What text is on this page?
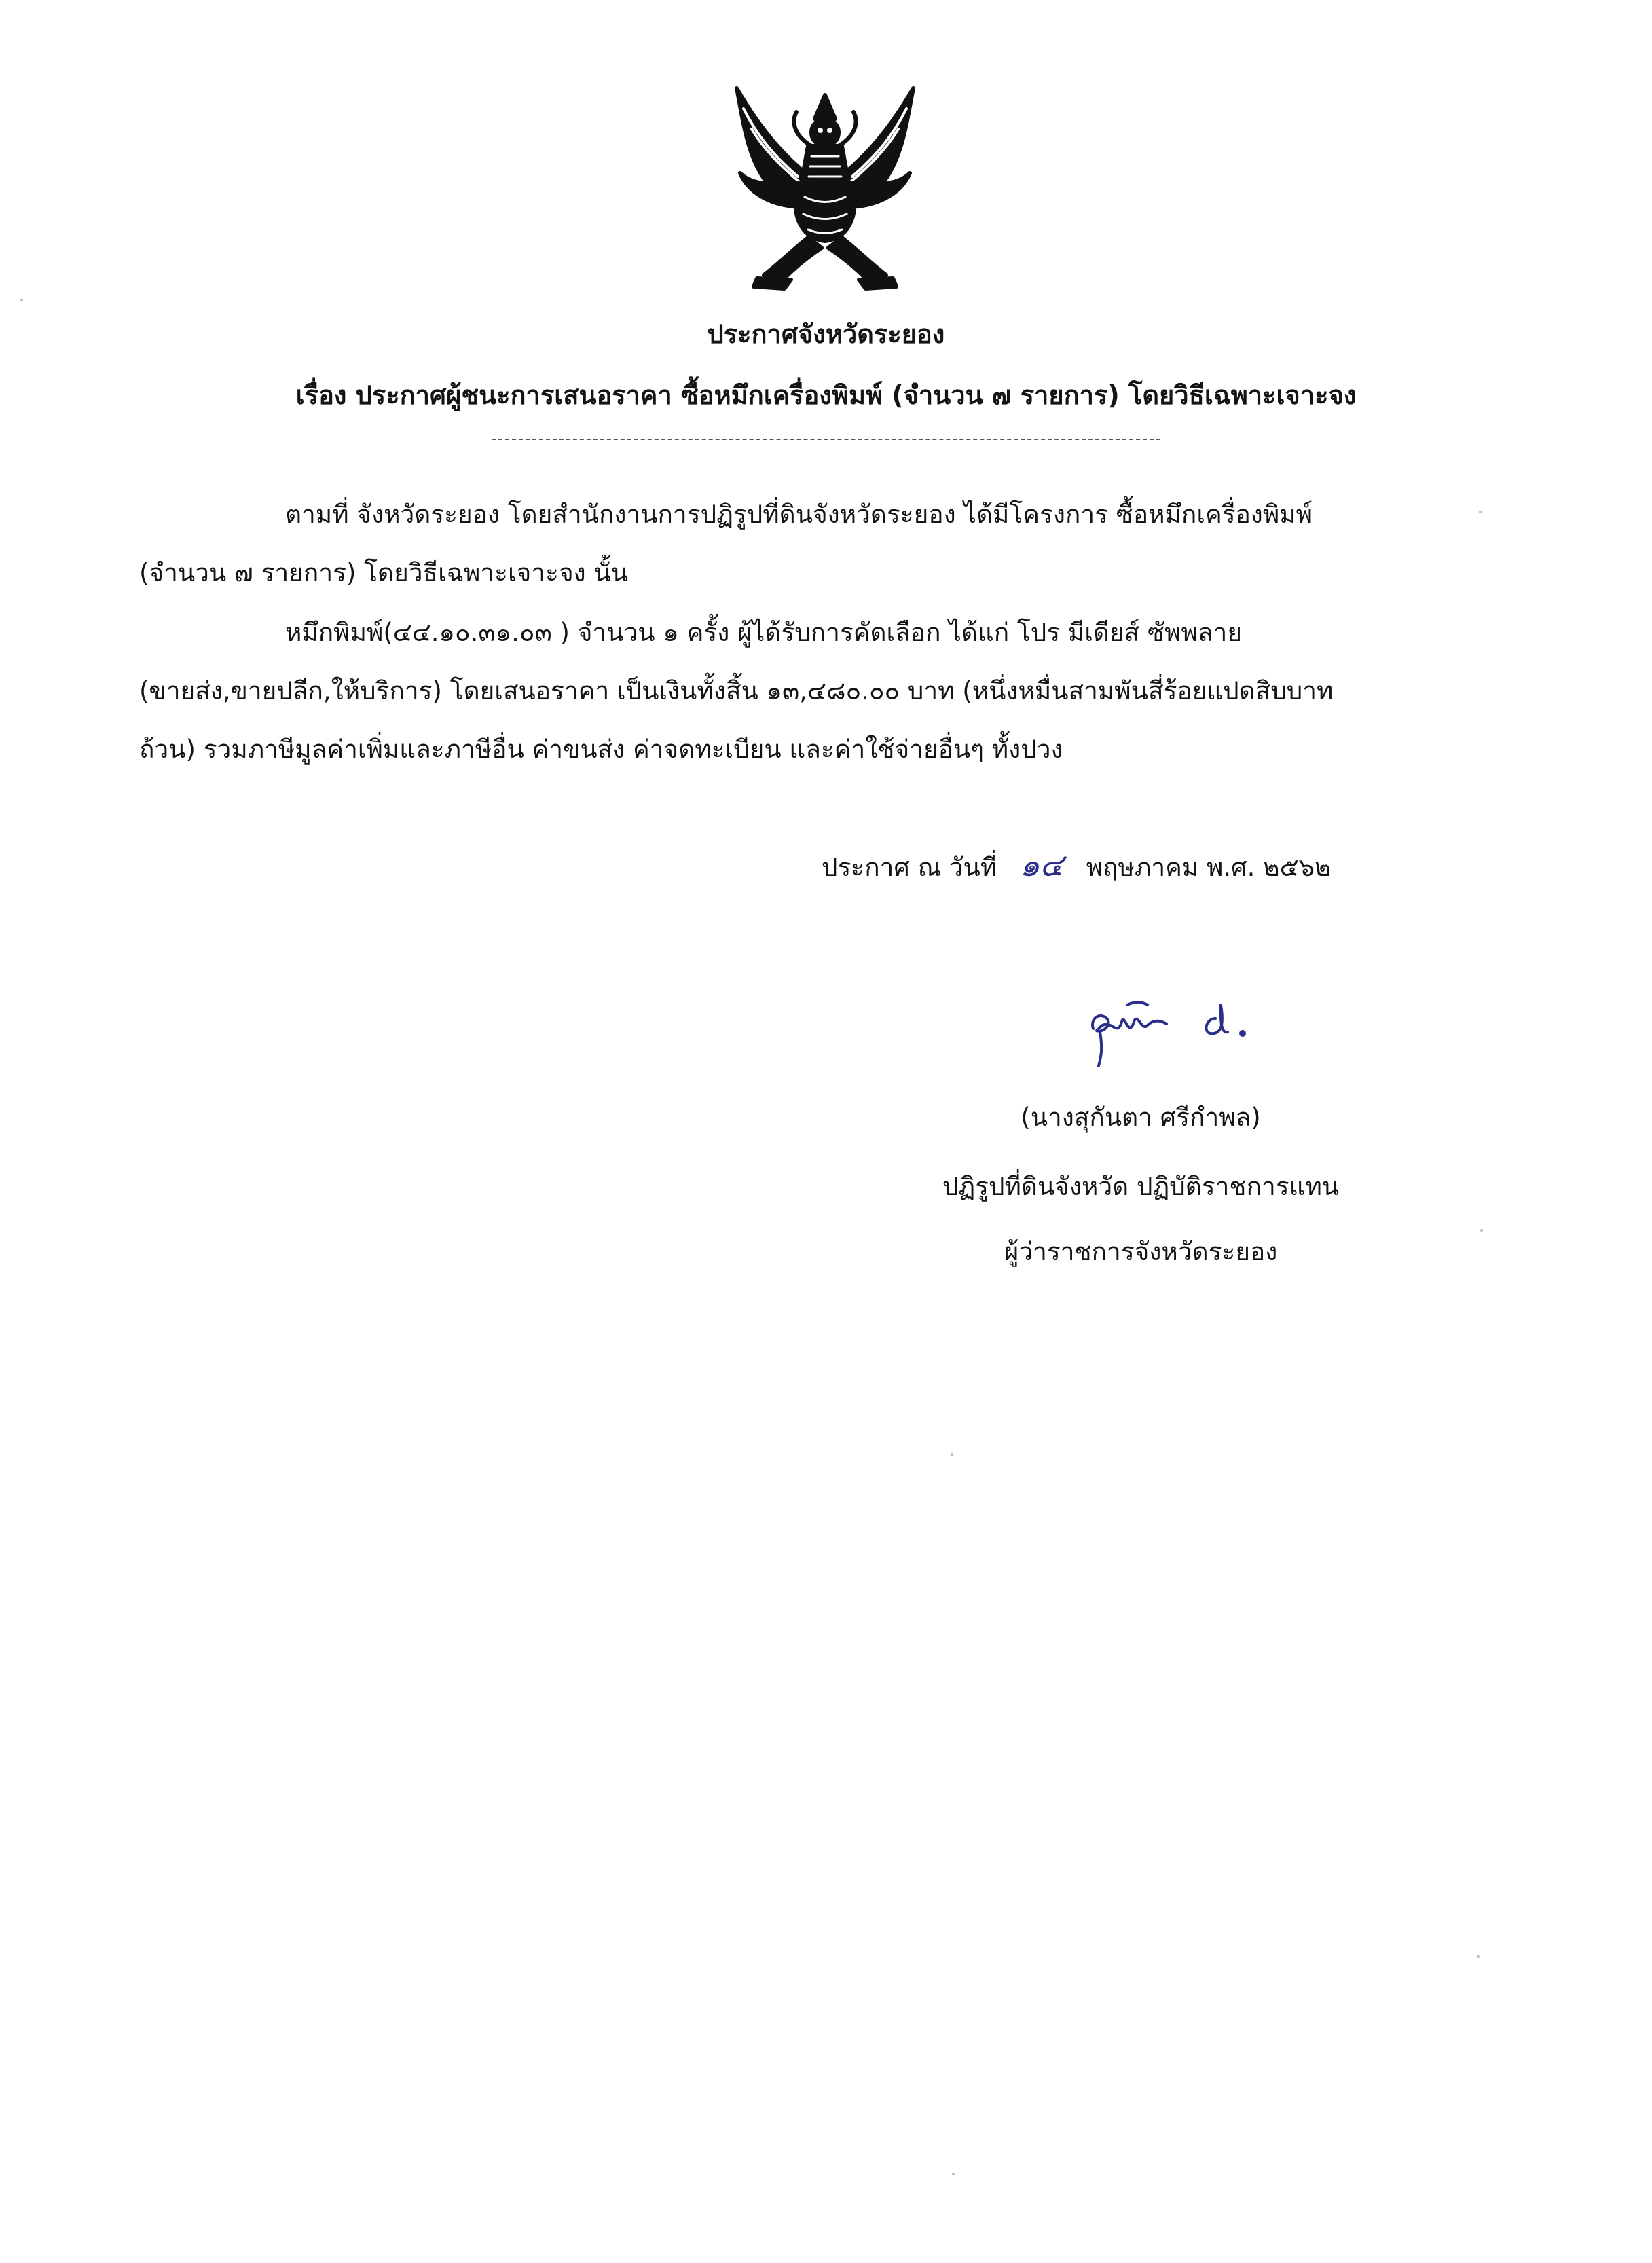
ประกาศจังหวัดระยอง
เรื่อง ประกาศผู้ชนะการเสนอราคา ซื้อหมึกเครื่องพิมพ์ (จำนวน ๗ รายการ) โดยวิธีเฉพาะเจาะจง
ตามที่ จังหวัดระยอง โดยสำนักงานการปฏิรูปที่ดินจังหวัดระยอง ได้มีโครงการ ซื้อหมึกเครื่องพิมพ์
(จำนวน ๗ รายการ) โดยวิธีเฉพาะเจาะจง นั้น
หมึกพิมพ์(๔๔.๑๐.๓๑.๐๓ ) จำนวน ๑ ครั้ง ผู้ได้รับการคัดเลือก ได้แก่ โปร มีเดียส์ ซัพพลาย
(ขายส่ง,ขายปลีก,ให้บริการ) โดยเสนอราคา เป็นเงินทั้งสิ้น ๑๓,๔๘๐.๐๐ บาท (หนึ่งหมื่นสามพันสี่ร้อยแปดสิบบาท
ถ้วน) รวมภาษีมูลค่าเพิ่มและภาษีอื่น ค่าขนส่ง ค่าจดทะเบียน และค่าใช้จ่ายอื่นๆ ทั้งปวง
ประกาศ ณ วันที่ ๑๔ พฤษภาคม พ.ศ. ๒๕๖๒
(นางสุกันตา ศรีกำพล)
ปฏิรูปที่ดินจังหวัด ปฏิบัติราชการแทน
ผู้ว่าราชการจังหวัดระยอง
